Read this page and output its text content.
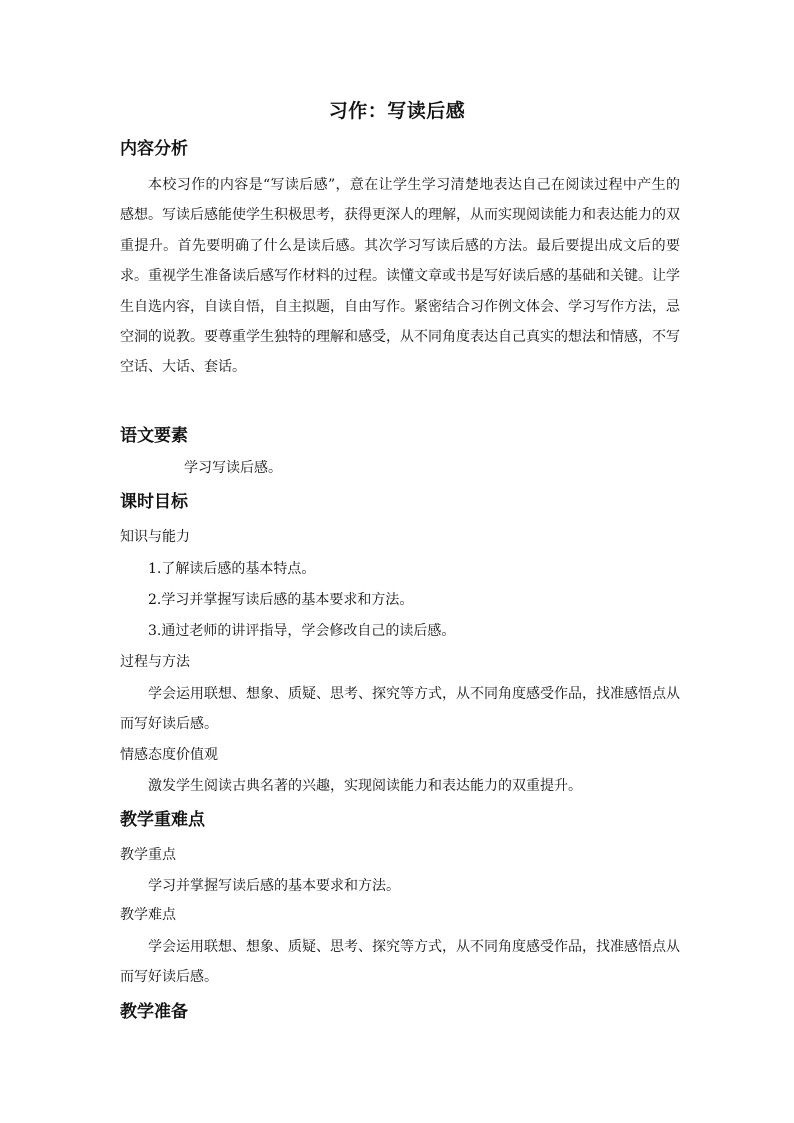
习作：写读后感
内容分析

本校习作的内容是“写读后感”，意在让学生学习清楚地表达自己在阅读过程中产生的感想。写读后感能使学生积极思考，获得更深人的理解，从而实现阅读能力和表达能力的双重提升。首先要明确了什么是读后感。其次学习写读后感的方法。最后要提出成文后的要求。重视学生准备读后感写作材料的过程。读懂文章或书是写好读后感的基础和关键。让学生自选内容，自读自悟，自主拟题，自由写作。紧密结合习作例文体会、学习写作方法，忌空洞的说教。要尊重学生独特的理解和感受，从不同角度表达自己真实的想法和情感，不写空话、大话、套话。

语文要素
学习写读后感。
课时目标
知识与能力
1.了解读后感的基本特点。
2.学习并掌握写读后感的基本要求和方法。
3.通过老师的讲评指导，学会修改自己的读后感。
过程与方法

学会运用联想、想象、质疑、思考、探究等方式，从不同角度感受作品，找准感悟点从而写好读后感。

情感态度价值观

激发学生阅读古典名著的兴趣，实现阅读能力和表达能力的双重提升。

教学重难点
教学重点

学习并掌握写读后感的基本要求和方法。

教学难点

学会运用联想、想象、质疑、思考、探究等方式，从不同角度感受作品，找准感悟点从而写好读后感。

教学准备
